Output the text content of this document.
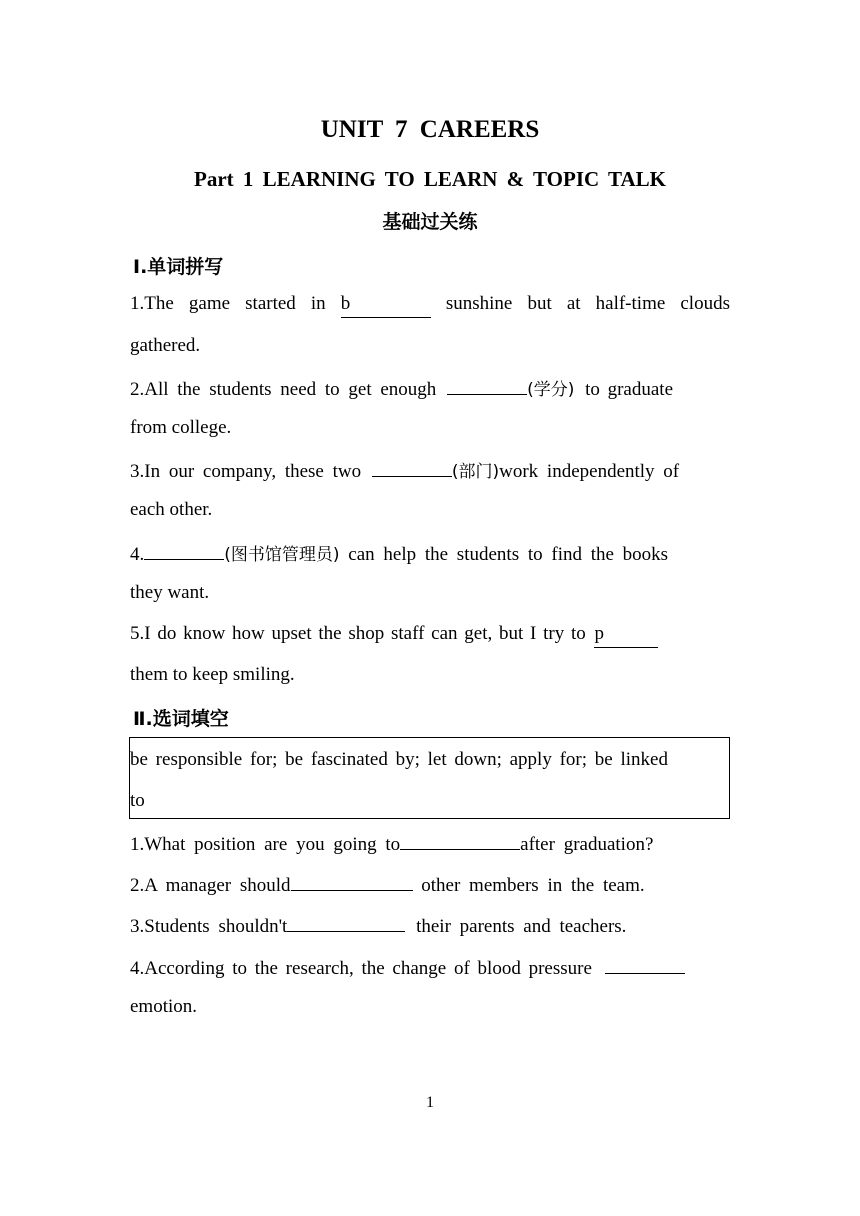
UNIT 7 CAREERS
Part 1 LEARNING TO LEARN & TOPIC TALK
基础过关练
Ⅰ.单词拼写
1.The game started in b	sunshine but at half-time clouds
gathered.
2.All the students need to get enough	(学分) to graduate
from college.
3.In our company, these two	(部门)work independently of
each other.
4.	(图书馆管理员) can help the students to find the books
they want.
5.I do know how upset the shop staff can get, but I try to p
them to keep smiling.
Ⅱ.选词填空
be responsible for; be fascinated by; let down; apply for; be linked
to
1.What position are you going to	after graduation?
2.A manager should	other members in the team.
3.Students shouldn't	their parents and teachers.
4.According to the research, the change of blood pressure
emotion.
1
